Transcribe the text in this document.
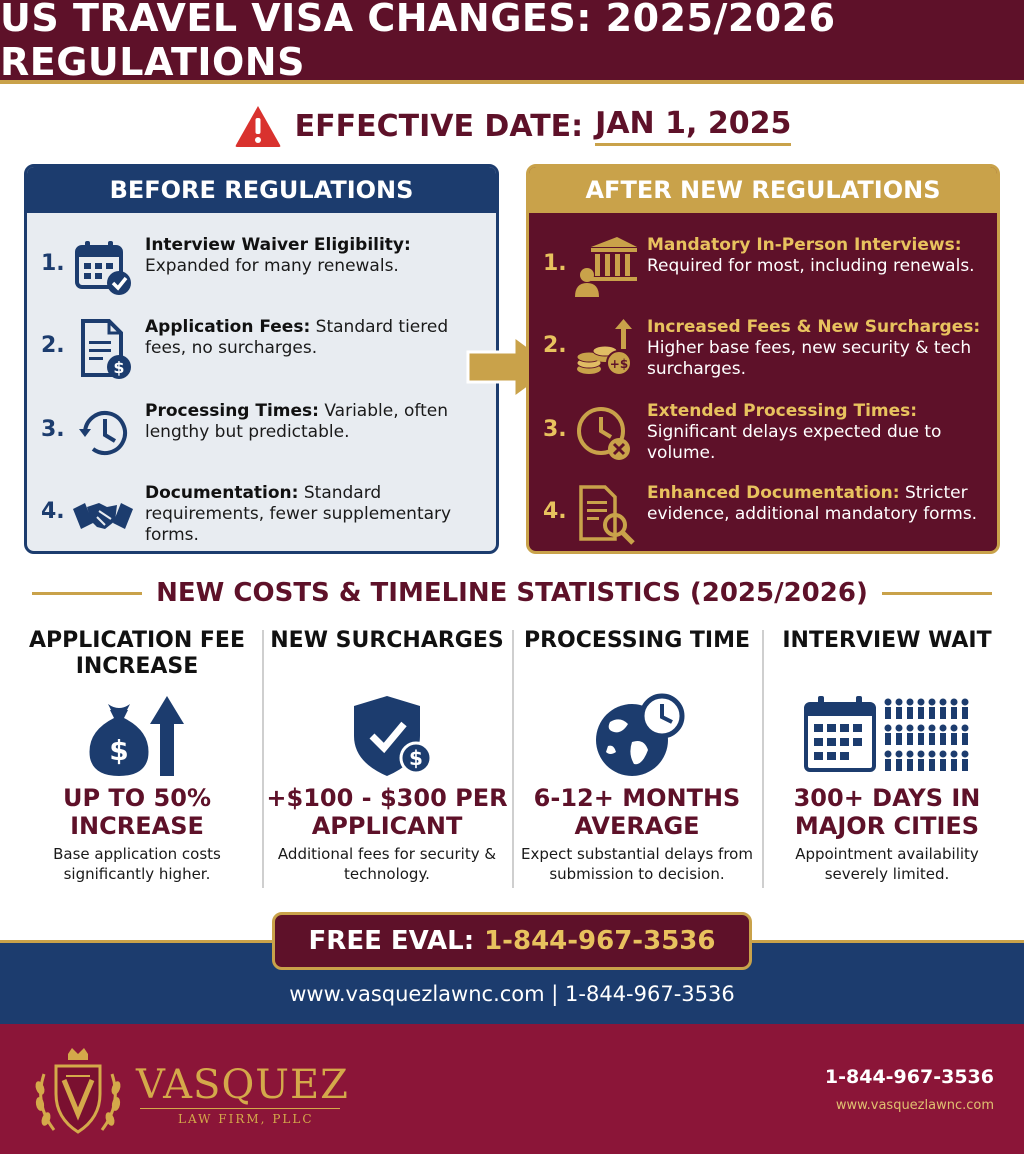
US TRAVEL VISA CHANGES: 2025/2026 REGULATIONS
EFFECTIVE DATE: JAN 1, 2025
BEFORE REGULATIONS
1.
Interview Waiver Eligibility: Expanded for many renewals.
2.
$
Application Fees: Standard tiered fees, no surcharges.
3.
Processing Times: Variable, often lengthy but predictable.
4.
Documentation: Standard requirements, fewer supplementary forms.
AFTER NEW REGULATIONS
1.
Mandatory In-Person Interviews: Required for most, including renewals.
2.
+$
Increased Fees & New Surcharges: Higher base fees, new security & tech surcharges.
3.
Extended Processing Times: Significant delays expected due to volume.
4.
Enhanced Documentation: Stricter evidence, additional mandatory forms.
NEW COSTS & TIMELINE STATISTICS (2025/2026)
APPLICATION FEE INCREASE
$
UP TO 50% INCREASE
Base application costs significantly higher.
NEW SURCHARGES
$
+$100 - $300 PER APPLICANT
Additional fees for security & technology.
PROCESSING TIME
6-12+ MONTHS AVERAGE
Expect substantial delays from submission to decision.
INTERVIEW WAIT
300+ DAYS IN MAJOR CITIES
Appointment availability severely limited.
FREE EVAL: 1-844-967-3536
www.vasquezlawnc.com | 1-844-967-3536
VASQUEZ
LAW FIRM, PLLC
1-844-967-3536
www.vasquezlawnc.com
